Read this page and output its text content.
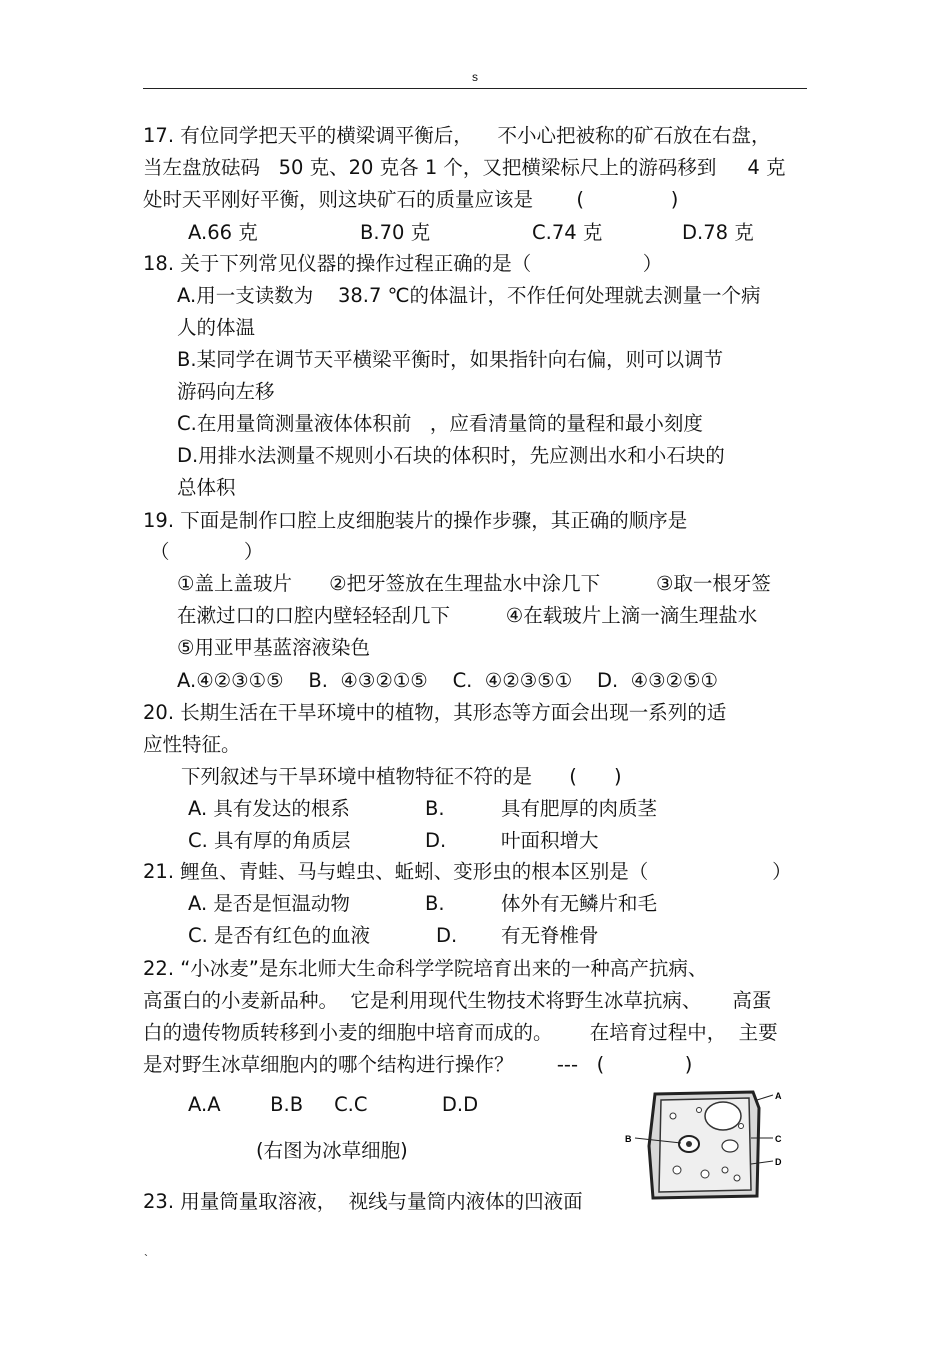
s
17. 有位同学把天平的横梁调平衡后，    不小心把被称的矿石放在右盘，
当左盘放砝码   50 克、20 克各 1 个，又把横梁标尺上的游码移到     4 克
处时天平刚好平衡，则这块矿石的质量应该是       (              )
A.66 克	B.70 克	C.74 克	D.78 克
18. 关于下列常见仪器的操作过程正确的是（                  ）
A.用一支读数为    38.7 ℃的体温计，不作任何处理就去测量一个病
人的体温
B.某同学在调节天平横梁平衡时，如果指针向右偏，则可以调节
游码向左移
C.在用量筒测量液体体积前   ，应看清量筒的量程和最小刻度
D.用排水法测量不规则小石块的体积时，先应测出水和小石块的
总体积
19. 下面是制作口腔上皮细胞装片的操作步骤，其正确的顺序是
（            ）
①盖上盖玻片      ②把牙签放在生理盐水中涂几下         ③取一根牙签
在漱过口的口腔内壁轻轻刮几下         ④在载玻片上滴一滴生理盐水
⑤用亚甲基蓝溶液染色
A.④②③①⑤    B.  ④③②①⑤    C.  ④②③⑤①    D.  ④③②⑤①
20. 长期生活在干旱环境中的植物，其形态等方面会出现一系列的适
应性特征。
下列叙述与干旱环境中植物特征不符的是      (      )
A. 具有发达的根系	B.	具有肥厚的肉质茎
C. 具有厚的角质层	D.	叶面积增大
21. 鲤鱼、青蛙、马与蝗虫、蚯蚓、变形虫的根本区别是（                    ）
A. 是否是恒温动物	B.	体外有无鳞片和毛
C. 是否有红色的血液	D. 有无脊椎骨
22. “小冰麦”是东北师大生命科学学院培育出来的一种高产抗病、
高蛋白的小麦新品种。  它是利用现代生物技术将野生冰草抗病、     高蛋
白的遗传物质转移到小麦的细胞中培育而成的。      在培育过程中，  主要
是对野生冰草细胞内的哪个结构进行操作？       ---   (             )
A.A        B.B     C.C            D.D
(右图为冰草细胞)
A
B	C
D
23. 用量筒量取溶液，  视线与量筒内液体的凹液面
`
